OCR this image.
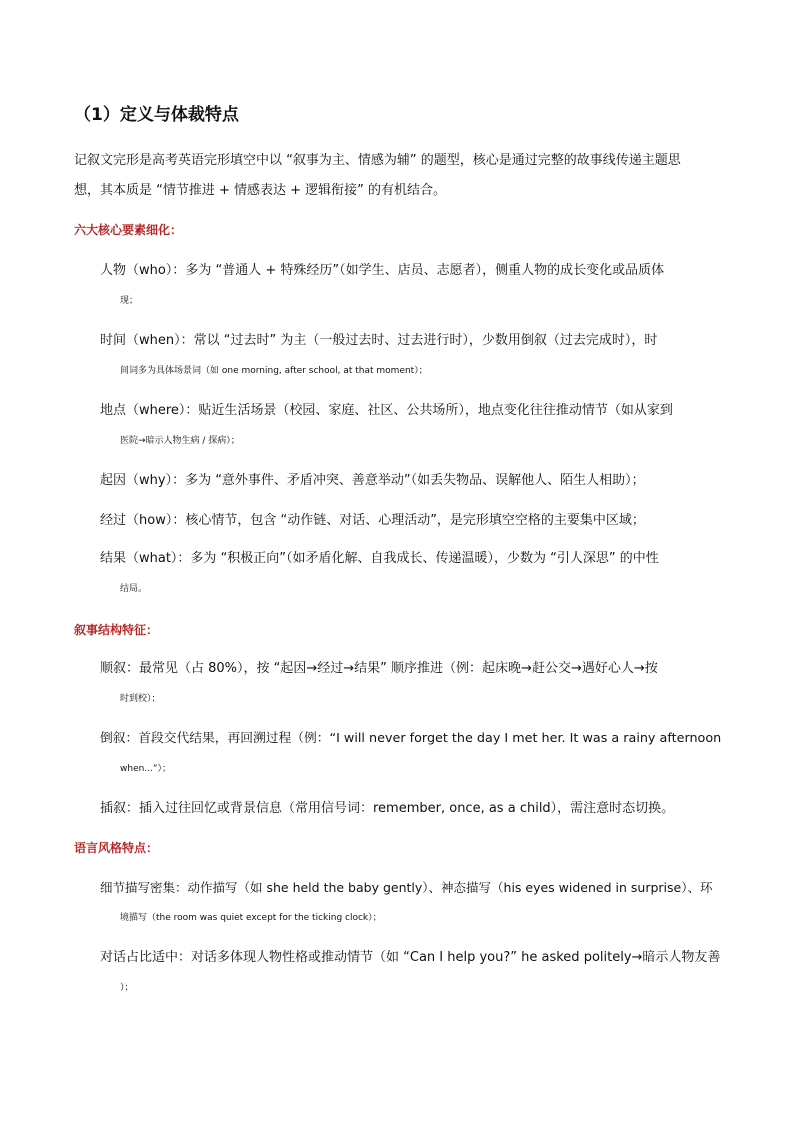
（1）定义与体裁特点
记叙文完形是高考英语完形填空中以 “叙事为主、情感为辅” 的题型，核心是通过完整的故事线传递主题思
想，其本质是 “情节推进 + 情感表达 + 逻辑衔接” 的有机结合。
六大核心要素细化：
人物（who）：多为 “普通人 + 特殊经历”（如学生、店员、志愿者），侧重人物的成长变化或品质体
现；
时间（when）：常以 “过去时” 为主（一般过去时、过去进行时），少数用倒叙（过去完成时），时
间词多为具体场景词（如 one morning, after school, at that moment）；
地点（where）：贴近生活场景（校园、家庭、社区、公共场所），地点变化往往推动情节（如从家到
医院→暗示人物生病 / 探病）；
起因（why）：多为 “意外事件、矛盾冲突、善意举动”（如丢失物品、误解他人、陌生人相助）；
经过（how）：核心情节，包含 “动作链、对话、心理活动”，是完形填空空格的主要集中区域；
结果（what）：多为 “积极正向”（如矛盾化解、自我成长、传递温暖），少数为 “引人深思” 的中性
结局。
叙事结构特征：
顺叙：最常见（占 80%），按 “起因→经过→结果” 顺序推进（例：起床晚→赶公交→遇好心人→按
时到校）；
倒叙：首段交代结果，再回溯过程（例：“I will never forget the day I met her. It was a rainy afternoon
when...”）；
插叙：插入过往回忆或背景信息（常用信号词：remember, once, as a child），需注意时态切换。
语言风格特点：
细节描写密集：动作描写（如 she held the baby gently）、神态描写（his eyes widened in surprise）、环
境描写（the room was quiet except for the ticking clock）；
对话占比适中：对话多体现人物性格或推动情节（如 “Can I help you?” he asked politely→暗示人物友善
）；
